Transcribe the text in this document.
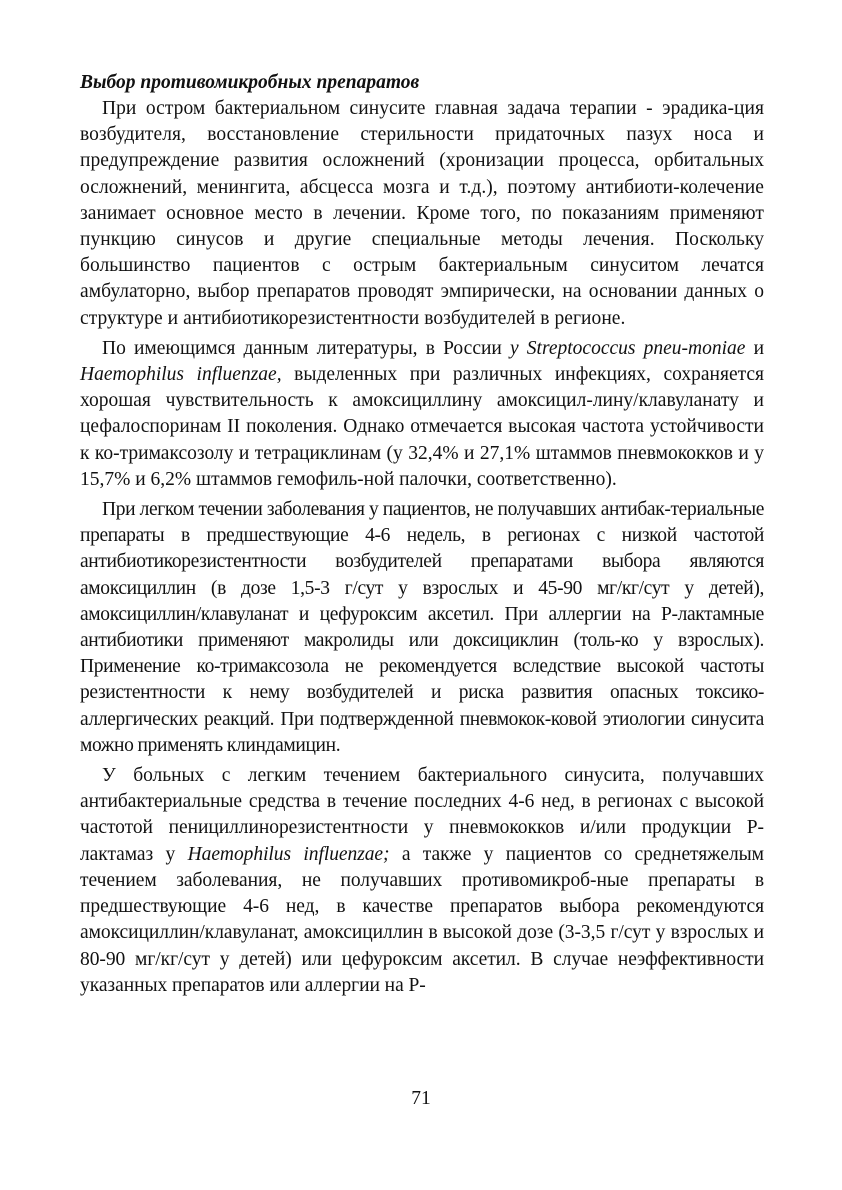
Выбор противомикробных препаратов

При остром бактериальном синусите главная задача терапии - эрадика-ция возбудителя, восстановление стерильности придаточных пазух носа и предупреждение развития осложнений (хронизации процесса, орбитальных осложнений, менингита, абсцесса мозга и т.д.), поэтому антибиоти-колечение занимает основное место в лечении. Кроме того, по показаниям применяют пункцию синусов и другие специальные методы лечения. Поскольку большинство пациентов с острым бактериальным синуситом лечатся амбулаторно, выбор препаратов проводят эмпирически, на основании данных о структуре и антибиотикорезистентности возбудителей в регионе.

По имеющимся данным литературы, в России у Streptococcus pneu-moniae и Haemophilus influenzae, выделенных при различных инфекциях, сохраняется хорошая чувствительность к амоксициллину амоксицил-лину/клавуланату и цефалоспоринам II поколения. Однако отмечается высокая частота устойчивости к ко-тримаксозолу и тетрациклинам (у 32,4% и 27,1% штаммов пневмококков и у 15,7% и 6,2% штаммов гемофиль-ной палочки, соответственно).

При легком течении заболевания у пациентов, не получавших антибак-териальные препараты в предшествующие 4-6 недель, в регионах с низкой частотой антибиотикорезистентности возбудителей препаратами выбора являются амоксициллин (в дозе 1,5-3 г/сут у взрослых и 45-90 мг/кг/сут у детей), амоксициллин/клавуланат и цефуроксим аксетил. При аллергии на Р-лактамные антибиотики применяют макролиды или доксициклин (толь-ко у взрослых). Применение ко-тримаксозола не рекомендуется вследствие высокой частоты резистентности к нему возбудителей и риска развития опасных токсико-аллергических реакций. При подтвержденной пневмокок-ковой этиологии синусита можно применять клиндамицин.

У больных с легким течением бактериального синусита, получавших антибактериальные средства в течение последних 4-6 нед, в регионах с высокой частотой пенициллинорезистентности у пневмококков и/или продукции Р-лактамаз у Haemophilus influenzae; а также у пациентов со среднетяжелым течением заболевания, не получавших противомикроб-ные препараты в предшествующие 4-6 нед, в качестве препаратов выбора рекомендуются амоксициллин/клавуланат, амоксициллин в высокой дозе (3-3,5 г/сут у взрослых и 80-90 мг/кг/сут у детей) или цефуроксим аксетил. В случае неэффективности указанных препаратов или аллергии на Р-

71
